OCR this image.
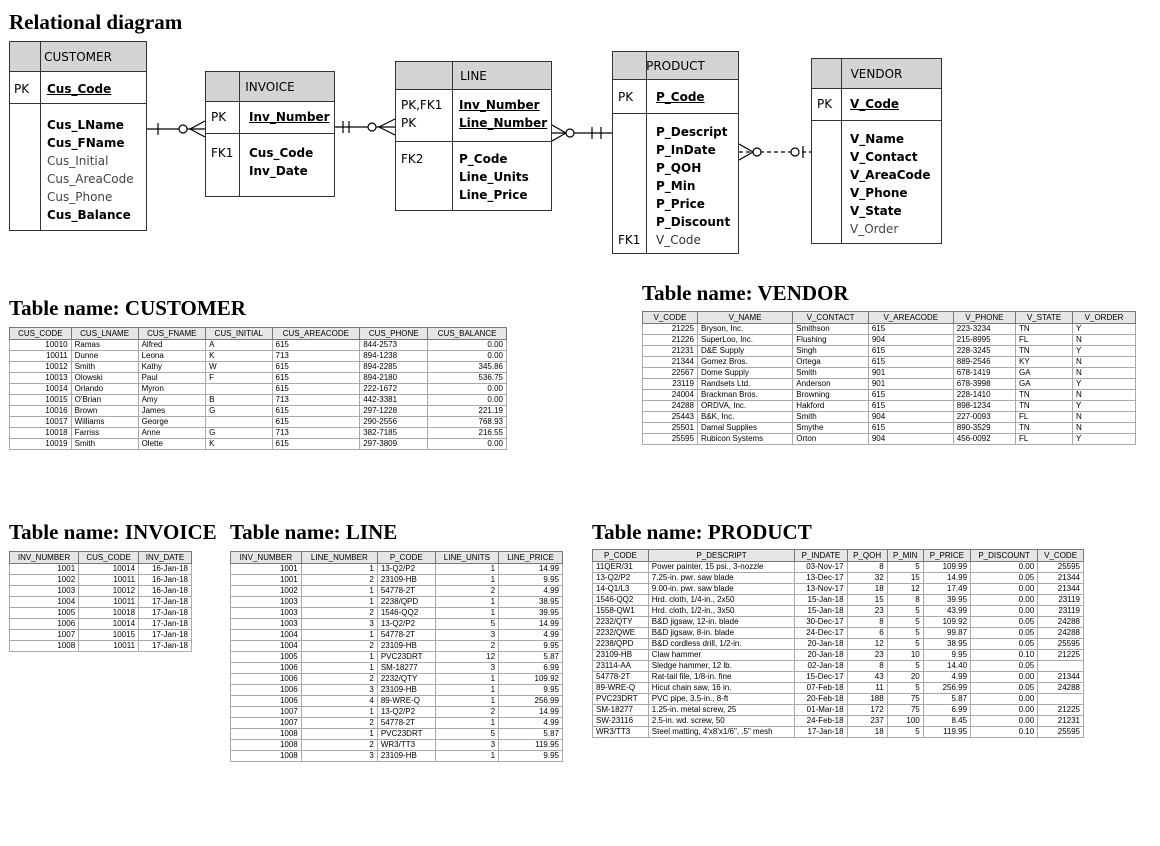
Relational diagram
CUSTOMER
PK Cus_Code
Cus_LName
Cus_FName
Cus_Initial
Cus_AreaCode
Cus_Phone
Cus_Balance
INVOICE
PK Inv_Number
FK1 Cus_Code
Inv_Date
LINE
PK,FK1
PK
Inv_Number
Line_Number
FK2	P_Code
Line_Units
Line_Price
PRODUCT
PK P_Code
P_Descript
P_InDate
P_QOH
P_Min
P_Price
P_Discount
FK1 V_Code
VENDOR
PK V_Code
V_Name
V_Contact
V_AreaCode
V_Phone
V_State
V_Order
Table name: CUSTOMER
Table name: VENDOR
Table name: INVOICE Table name: LINE	Table name: PRODUCT
CUS_CODE	CUS_LNAME	CUS_FNAME	CUS_INITIAL	CUS_AREACODE	CUS_PHONE	CUS_BALANCE
10010	Ramas	Alfred	A	615	844-2573	0.00
10011	Dunne	Leona	K	713	894-1238	0.00
10012	Smith	Kathy	W	615	894-2285	345.86
10013	Olowski	Paul	F	615	894-2180	536.75
10014	Orlando	Myron		615	222-1672	0.00
10015	O'Brian	Amy	B	713	442-3381	0.00
10016	Brown	James	G	615	297-1228	221.19
10017	Williams	George		615	290-2556	768.93
10018	Farriss	Anne	G	713	382-7185	216.55
10019	Smith	Olette	K	615	297-3809	0.00
V_CODE	V_NAME	V_CONTACT	V_AREACODE	V_PHONE	V_STATE	V_ORDER
21225	Bryson, Inc.	Smithson	615	223-3234	TN	Y
21226	SuperLoo, Inc.	Flushing	904	215-8995	FL	N
21231	D&E Supply	Singh	615	228-3245	TN	Y
21344	Gomez Bros.	Ortega	615	889-2546	KY	N
22567	Dome Supply	Smith	901	678-1419	GA	N
23119	Randsets Ltd.	Anderson	901	678-3998	GA	Y
24004	Brackman Bros.	Browning	615	228-1410	TN	N
24288	ORDVA, Inc.	Hakford	615	898-1234	TN	Y
25443	B&K, Inc.	Smith	904	227-0093	FL	N
25501	Damal Supplies	Smythe	615	890-3529	TN	N
25595	Rubicon Systems	Orton	904	456-0092	FL	Y
INV_NUMBER	CUS_CODE	INV_DATE
1001	10014	16-Jan-18
1002	10011	16-Jan-18
1003	10012	16-Jan-18
1004	10011	17-Jan-18
1005	10018	17-Jan-18
1006	10014	17-Jan-18
1007	10015	17-Jan-18
1008	10011	17-Jan-18
INV_NUMBER	LINE_NUMBER	P_CODE	LINE_UNITS	LINE_PRICE
1001	1	13-Q2/P2	1	14.99
1001	2	23109-HB	1	9.95
1002	1	54778-2T	2	4.99
1003	1	2238/QPD	1	38.95
1003	2	1546-QQ2	1	39.95
1003	3	13-Q2/P2	5	14.99
1004	1	54778-2T	3	4.99
1004	2	23109-HB	2	9.95
1005	1	PVC23DRT	12	5.87
1006	1	SM-18277	3	6.99
1006	2	2232/QTY	1	109.92
1006	3	23109-HB	1	9.95
1006	4	89-WRE-Q	1	256.99
1007	1	13-Q2/P2	2	14.99
1007	2	54778-2T	1	4.99
1008	1	PVC23DRT	5	5.87
1008	2	WR3/TT3	3	119.95
1008	3	23109-HB	1	9.95
P_CODE	P_DESCRIPT	P_INDATE	P_QOH	P_MIN	P_PRICE	P_DISCOUNT	V_CODE
11QER/31	Power painter, 15 psi., 3-nozzle	03-Nov-17	8	5	109.99	0.00	25595
13-Q2/P2	7.25-in. pwr. saw blade	13-Dec-17	32	15	14.99	0.05	21344
14-Q1/L3	9.00-in. pwr. saw blade	13-Nov-17	18	12	17.49	0.00	21344
1546-QQ2	Hrd. cloth, 1/4-in., 2x50	15-Jan-18	15	8	39.95	0.00	23119
1558-QW1	Hrd. cloth, 1/2-in., 3x50	15-Jan-18	23	5	43.99	0.00	23119
2232/QTY	B&D jigsaw, 12-in. blade	30-Dec-17	8	5	109.92	0.05	24288
2232/QWE	B&D jigsaw, 8-in. blade	24-Dec-17	6	5	99.87	0.05	24288
2238/QPD	B&D cordless drill, 1/2-in.	20-Jan-18	12	5	38.95	0.05	25595
23109-HB	Claw hammer	20-Jan-18	23	10	9.95	0.10	21225
23114-AA	Sledge hammer, 12 lb.	02-Jan-18	8	5	14.40	0.05	
54778-2T	Rat-tail file, 1/8-in. fine	15-Dec-17	43	20	4.99	0.00	21344
89-WRE-Q	Hicut chain saw, 16 in.	07-Feb-18	11	5	256.99	0.05	24288
PVC23DRT	PVC pipe, 3.5-in., 8-ft	20-Feb-18	188	75	5.87	0.00	
SM-18277	1.25-in. metal screw, 25	01-Mar-18	172	75	6.99	0.00	21225
SW-23116	2.5-in. wd. screw, 50	24-Feb-18	237	100	8.45	0.00	21231
WR3/TT3	Steel matting, 4'x8'x1/6", .5" mesh	17-Jan-18	18	5	119.95	0.10	25595
